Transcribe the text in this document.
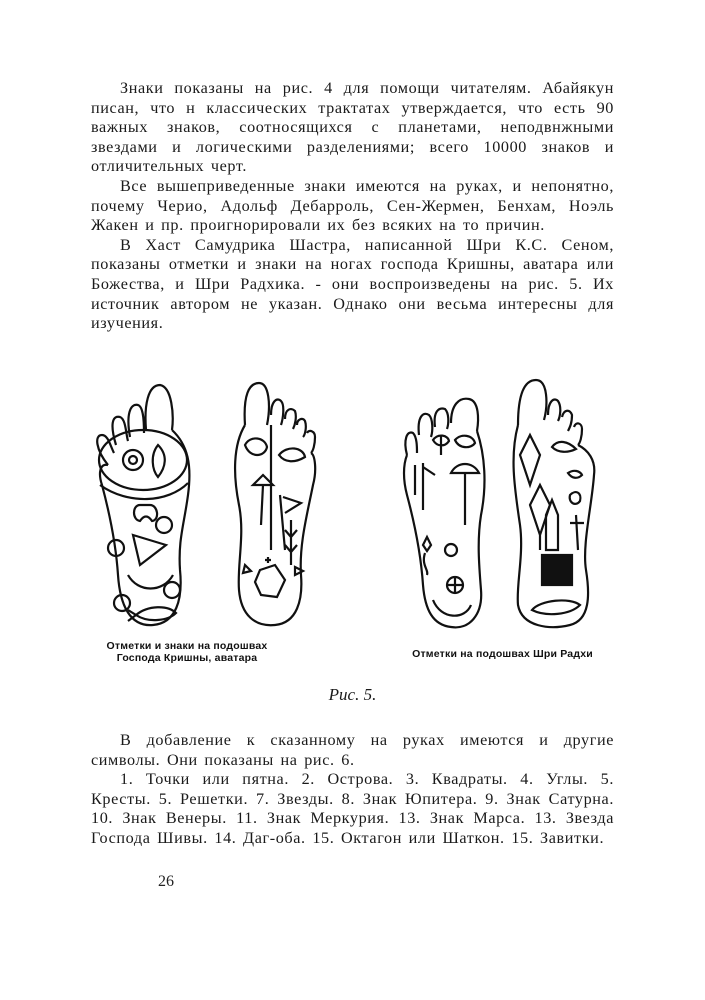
Знаки показаны на рис. 4 для помощи читателям. Абайякун писан, что н классических трактатах утверждается, что есть 90 важных знаков, соотносящихся с планетами, неподвнжными звездами и логическими разделениями; всего 10000 знаков и отличительных черт.

Все вышеприведенные знаки имеются на руках, и непонятно, почему Черио, Адольф Дебарроль, Сен-Жермен, Бенхам, Ноэль Жакен и пр. проигнорировали их без всяких на то причин.

В Хаст Самудрика Шастра, написанной Шри К.С. Сеном, показаны отметки и знаки на ногах господа Кришны, аватара или Божества, и Шри Радхика. - они воспроизведены на рис. 5. Их источник автором не указан. Однако они весьма интересны для изучения.

Отметки и знаки на подошвах
Господа Кришны, аватара	Отметки на подошвах Шри Радхи
Рис. 5.

В добавление к сказанному на руках имеются и другие символы. Они показаны на рис. 6.

1. Точки или пятна. 2. Острова. 3. Квадраты. 4. Углы. 5. Кресты. 5. Решетки. 7. Звезды. 8. Знак Юпитера. 9. Знак Сатурна. 10. Знак Венеры. 11. Знак Меркурия. 13. Знак Марса. 13. Звезда Господа Шивы. 14. Даг-оба. 15. Октагон или Шаткон. 15. Завитки.

26
